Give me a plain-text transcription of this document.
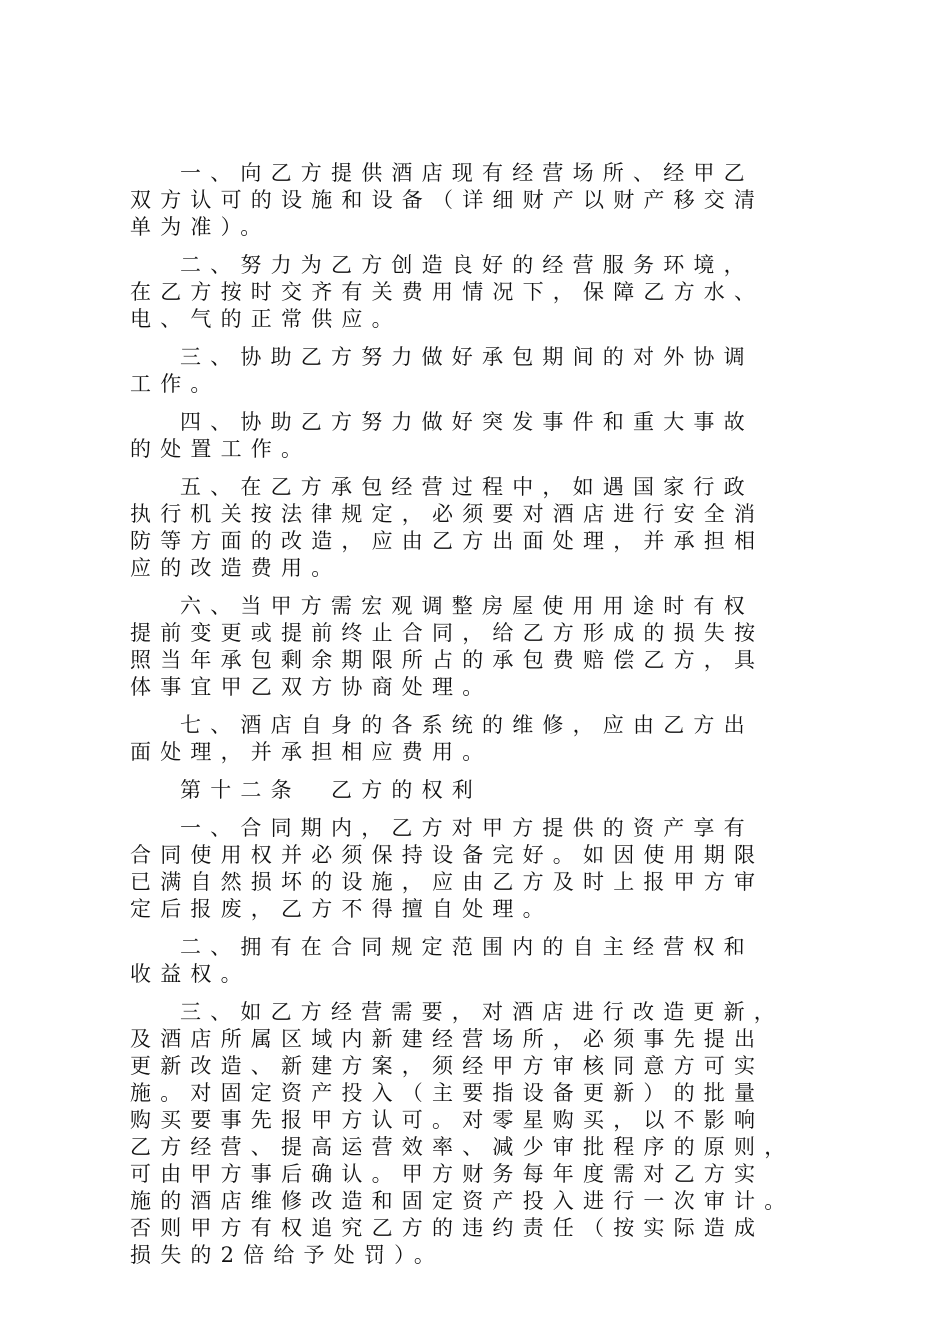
一、向乙方提供酒店现有经营场所、经甲乙
双方认可的设施和设备（详细财产以财产移交清
单为准）。
二、努力为乙方创造良好的经营服务环境，
在乙方按时交齐有关费用情况下，保障乙方水、
电、气的正常供应。
三、协助乙方努力做好承包期间的对外协调
工作。
四、协助乙方努力做好突发事件和重大事故
的处置工作。
五、在乙方承包经营过程中，如遇国家行政
执行机关按法律规定，必须要对酒店进行安全消
防等方面的改造，应由乙方出面处理，并承担相
应的改造费用。
六、当甲方需宏观调整房屋使用用途时有权
提前变更或提前终止合同，给乙方形成的损失按
照当年承包剩余期限所占的承包费赔偿乙方，具
体事宜甲乙双方协商处理。
七、酒店自身的各系统的维修，应由乙方出
面处理，并承担相应费用。
第十二条　乙方的权利
一、合同期内，乙方对甲方提供的资产享有
合同使用权并必须保持设备完好。如因使用期限
已满自然损坏的设施，应由乙方及时上报甲方审
定后报废，乙方不得擅自处理。
二、拥有在合同规定范围内的自主经营权和
收益权。
三、如乙方经营需要，对酒店进行改造更新，
及酒店所属区域内新建经营场所，必须事先提出
更新改造、新建方案，须经甲方审核同意方可实
施。对固定资产投入（主要指设备更新）的批量
购买要事先报甲方认可。对零星购买，以不影响
乙方经营、提高运营效率、减少审批程序的原则，
可由甲方事后确认。甲方财务每年度需对乙方实
施的酒店维修改造和固定资产投入进行一次审计。
否则甲方有权追究乙方的违约责任（按实际造成
损失的2倍给予处罚）。
